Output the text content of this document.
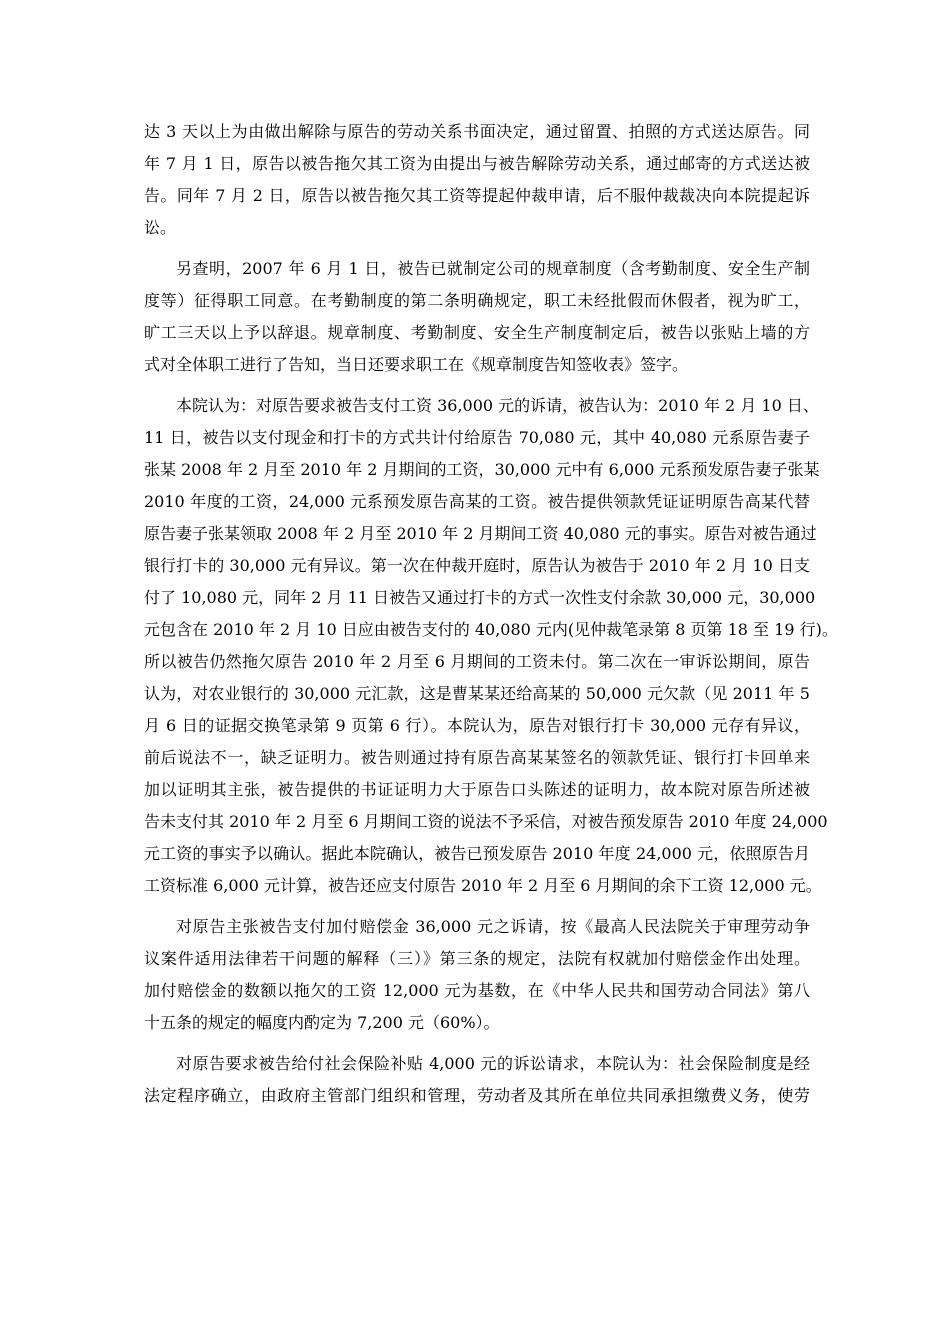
达 3 天以上为由做出解除与原告的劳动关系书面决定，通过留置、拍照的方式送达原告。同
年 7 月 1 日，原告以被告拖欠其工资为由提出与被告解除劳动关系，通过邮寄的方式送达被
告。同年 7 月 2 日，原告以被告拖欠其工资等提起仲裁申请，后不服仲裁裁决向本院提起诉
讼。
另查明，2007 年 6 月 1 日，被告已就制定公司的规章制度（含考勤制度、安全生产制
度等）征得职工同意。在考勤制度的第二条明确规定，职工未经批假而休假者，视为旷工，
旷工三天以上予以辞退。规章制度、考勤制度、安全生产制度制定后，被告以张贴上墙的方
式对全体职工进行了告知，当日还要求职工在《规章制度告知签收表》签字。
本院认为：对原告要求被告支付工资 36,000 元的诉请，被告认为：2010 年 2 月 10 日、
11 日，被告以支付现金和打卡的方式共计付给原告 70,080 元，其中 40,080 元系原告妻子
张某 2008 年 2 月至 2010 年 2 月期间的工资，30,000 元中有 6,000 元系预发原告妻子张某
2010 年度的工资，24,000 元系预发原告高某的工资。被告提供领款凭证证明原告高某代替
原告妻子张某领取 2008 年 2 月至 2010 年 2 月期间工资 40,080 元的事实。原告对被告通过
银行打卡的 30,000 元有异议。第一次在仲裁开庭时，原告认为被告于 2010 年 2 月 10 日支
付了 10,080 元，同年 2 月 11 日被告又通过打卡的方式一次性支付余款 30,000 元，30,000
元包含在 2010 年 2 月 10 日应由被告支付的 40,080 元内(见仲裁笔录第 8 页第 18 至 19 行)。
所以被告仍然拖欠原告 2010 年 2 月至 6 月期间的工资未付。第二次在一审诉讼期间，原告
认为，对农业银行的 30,000 元汇款，这是曹某某还给高某的 50,000 元欠款（见 2011 年 5
月 6 日的证据交换笔录第 9 页第 6 行）。本院认为，原告对银行打卡 30,000 元存有异议，
前后说法不一，缺乏证明力。被告则通过持有原告高某某签名的领款凭证、银行打卡回单来
加以证明其主张，被告提供的书证证明力大于原告口头陈述的证明力，故本院对原告所述被
告未支付其 2010 年 2 月至 6 月期间工资的说法不予采信，对被告预发原告 2010 年度 24,000
元工资的事实予以确认。据此本院确认，被告已预发原告 2010 年度 24,000 元，依照原告月
工资标准 6,000 元计算，被告还应支付原告 2010 年 2 月至 6 月期间的余下工资 12,000 元。
对原告主张被告支付加付赔偿金 36,000 元之诉请，按《最高人民法院关于审理劳动争
议案件适用法律若干问题的解释（三）》第三条的规定，法院有权就加付赔偿金作出处理。
加付赔偿金的数额以拖欠的工资 12,000 元为基数，在《中华人民共和国劳动合同法》第八
十五条的规定的幅度内酌定为 7,200 元（60%）。
对原告要求被告给付社会保险补贴 4,000 元的诉讼请求，本院认为：社会保险制度是经
法定程序确立，由政府主管部门组织和管理，劳动者及其所在单位共同承担缴费义务，使劳
